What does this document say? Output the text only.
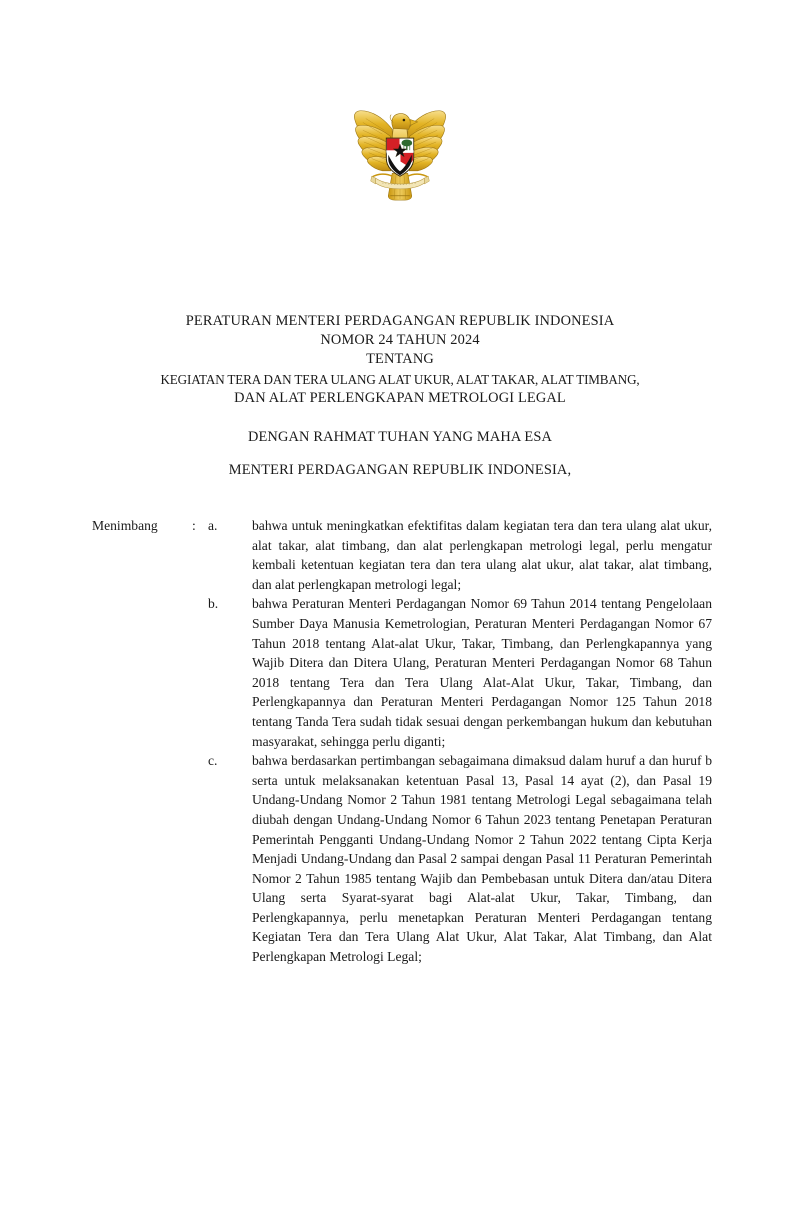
PERATURAN MENTERI PERDAGANGAN REPUBLIK INDONESIA
NOMOR 24 TAHUN 2024
TENTANG
KEGIATAN TERA DAN TERA ULANG ALAT UKUR, ALAT TAKAR, ALAT TIMBANG,
DAN ALAT PERLENGKAPAN METROLOGI LEGAL
DENGAN RAHMAT TUHAN YANG MAHA ESA
MENTERI PERDAGANGAN REPUBLIK INDONESIA,
Menimbang	: a.	bahwa untuk meningkatkan efektifitas dalam kegiatan tera dan tera ulang alat ukur, alat takar, alat timbang, dan alat perlengkapan metrologi legal, perlu mengatur kembali ketentuan kegiatan tera dan tera ulang alat ukur, alat takar, alat timbang, dan alat perlengkapan metrologi legal;
b.	bahwa Peraturan Menteri Perdagangan Nomor 69 Tahun 2014 tentang Pengelolaan Sumber Daya Manusia Kemetrologian, Peraturan Menteri Perdagangan Nomor 67 Tahun 2018 tentang Alat-alat Ukur, Takar, Timbang, dan Perlengkapannya yang Wajib Ditera dan Ditera Ulang, Peraturan Menteri Perdagangan Nomor 68 Tahun 2018 tentang Tera dan Tera Ulang Alat-Alat Ukur, Takar, Timbang, dan Perlengkapannya dan Peraturan Menteri Perdagangan Nomor 125 Tahun 2018 tentang Tanda Tera sudah tidak sesuai dengan perkembangan hukum dan kebutuhan masyarakat, sehingga perlu diganti;
c.	bahwa berdasarkan pertimbangan sebagaimana dimaksud dalam huruf a dan huruf b serta untuk melaksanakan ketentuan Pasal 13, Pasal 14 ayat (2), dan Pasal 19 Undang-Undang Nomor 2 Tahun 1981 tentang Metrologi Legal sebagaimana telah diubah dengan Undang-Undang Nomor 6 Tahun 2023 tentang Penetapan Peraturan Pemerintah Pengganti Undang-Undang Nomor 2 Tahun 2022 tentang Cipta Kerja Menjadi Undang-Undang dan Pasal 2 sampai dengan Pasal 11 Peraturan Pemerintah Nomor 2 Tahun 1985 tentang Wajib dan Pembebasan untuk Ditera dan/atau Ditera Ulang serta Syarat-syarat bagi Alat-alat Ukur, Takar, Timbang, dan Perlengkapannya, perlu menetapkan Peraturan Menteri Perdagangan tentang Kegiatan Tera dan Tera Ulang Alat Ukur, Alat Takar, Alat Timbang, dan Alat Perlengkapan Metrologi Legal;
